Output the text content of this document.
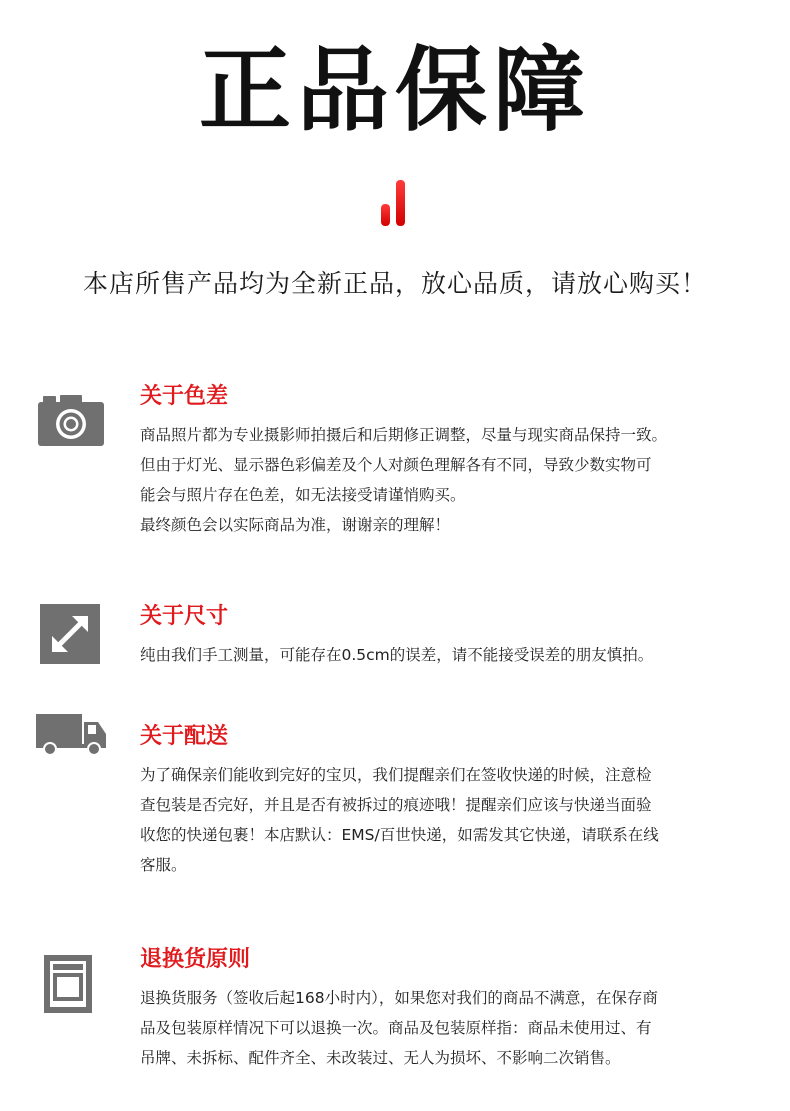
正品保障
本店所售产品均为全新正品，放心品质，请放心购买！
关于色差

商品照片都为专业摄影师拍摄后和后期修正调整，尽量与现实商品保持一致。

但由于灯光、显示器色彩偏差及个人对颜色理解各有不同，导致少数实物可

能会与照片存在色差，如无法接受请谨悄购买。

最终颜色会以实际商品为准，谢谢亲的理解！

关于尺寸

纯由我们手工测量，可能存在0.5cm的误差，请不能接受误差的朋友慎拍。

关于配送

为了确保亲们能收到完好的宝贝，我们提醒亲们在签收快递的时候，注意检

查包装是否完好，并且是否有被拆过的痕迹哦！提醒亲们应该与快递当面验

收您的快递包裹！本店默认：EMS/百世快递，如需发其它快递，请联系在线

客服。

退换货原则

退换货服务（签收后起168小时内），如果您对我们的商品不满意，在保存商

品及包装原样情况下可以退换一次。商品及包装原样指：商品未使用过、有

吊牌、未拆标、配件齐全、未改装过、无人为损坏、不影响二次销售。
